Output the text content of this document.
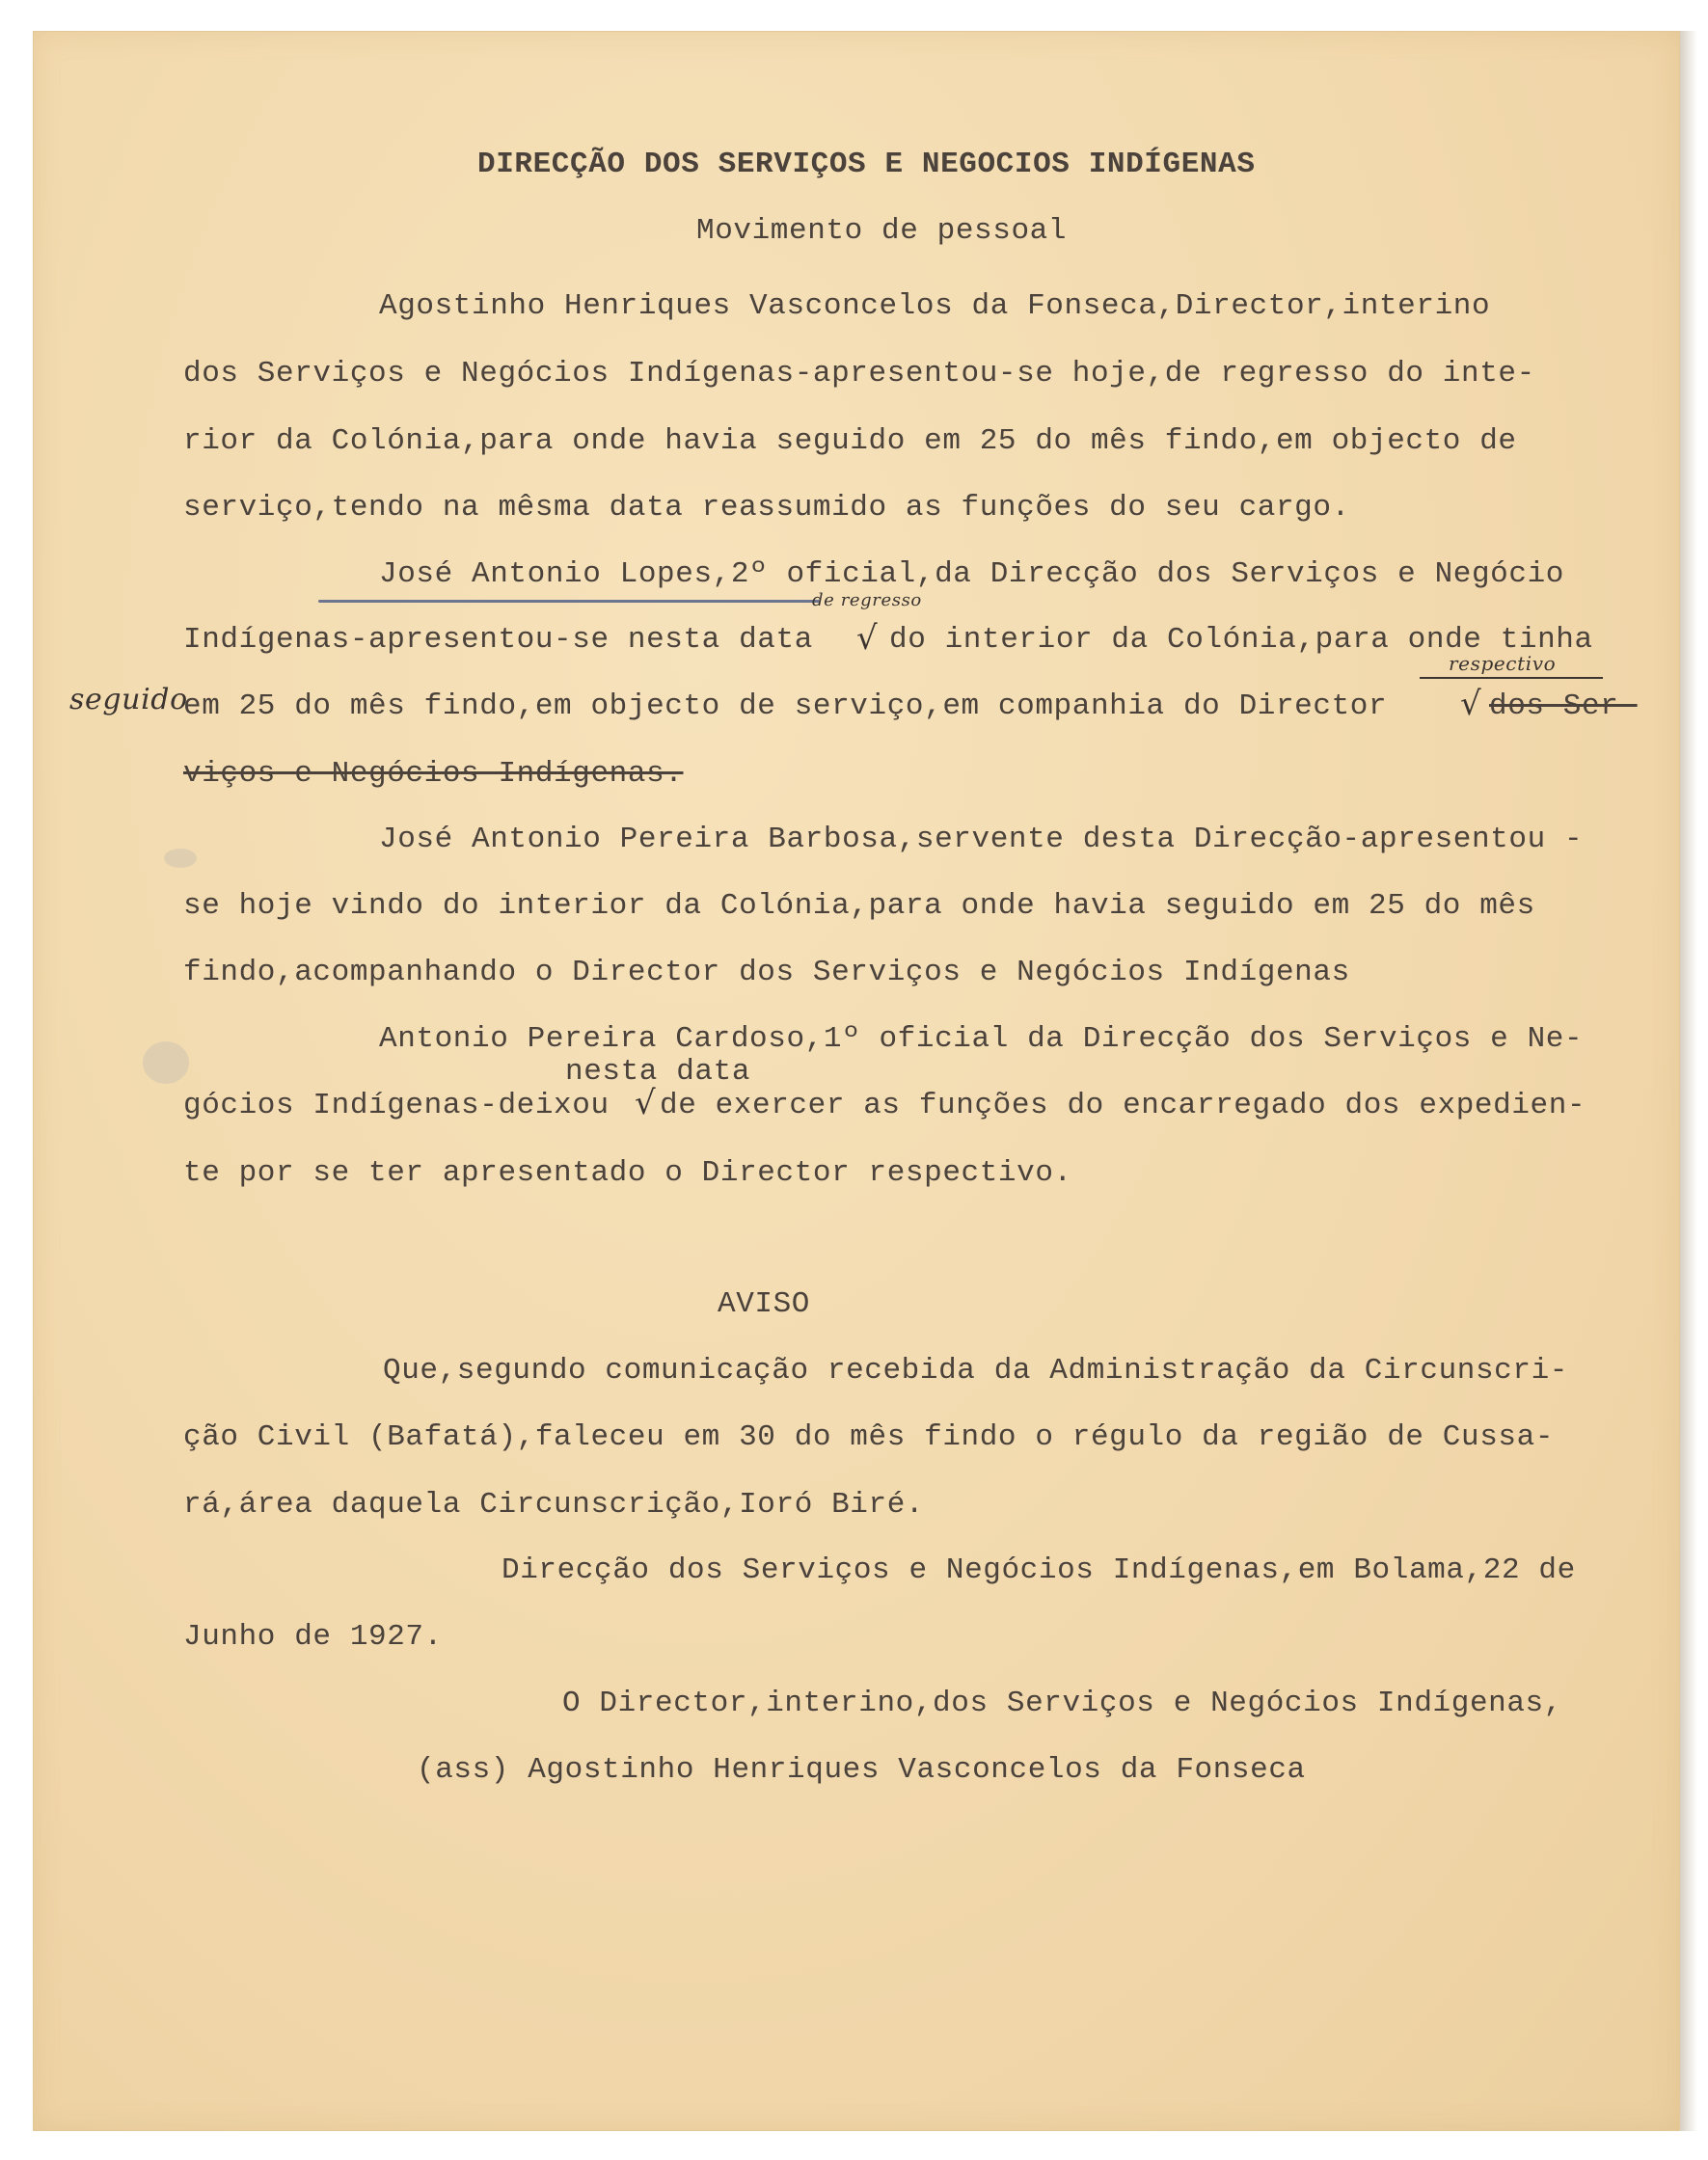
DIRECÇÃO DOS SERVIÇOS E NEGOCIOS INDÍGENAS
Movimento de pessoal
Agostinho Henriques Vasconcelos da Fonseca,Director,interino
dos Serviços e Negócios Indígenas-apresentou-se hoje,de regresso do inte-
rior da Colónia,para onde havia seguido em 25 do mês findo,em objecto de
serviço,tendo na mêsma data reassumido as funções do seu cargo.
José Antonio Lopes,2º oficial,da Direcção dos Serviços e Negócio
de regresso
Indígenas-apresentou-se nesta data √ do interior da Colónia,para onde tinha
respectivo
seguido
em 25 do mês findo,em objecto de serviço,em companhia do Director √ dos Ser-
viços e Negócios Indígenas.
José Antonio Pereira Barbosa,servente desta Direcção-apresentou -
se hoje vindo do interior da Colónia,para onde havia seguido em 25 do mês
findo,acompanhando o Director dos Serviços e Negócios Indígenas
Antonio Pereira Cardoso,1º oficial da Direcção dos Serviços e Ne-
nesta data
gócios Indígenas-deixou √ de exercer as funções do encarregado dos expedien-
te por se ter apresentado o Director respectivo.
AVISO
Que,segundo comunicação recebida da Administração da Circunscri-
ção Civil (Bafatá),faleceu em 30 do mês findo o régulo da região de Cussa-
rá,área daquela Circunscrição,Ioró Biré.
Direcção dos Serviços e Negócios Indígenas,em Bolama,22 de
Junho de 1927.
O Director,interino,dos Serviços e Negócios Indígenas,
(ass) Agostinho Henriques Vasconcelos da Fonseca
